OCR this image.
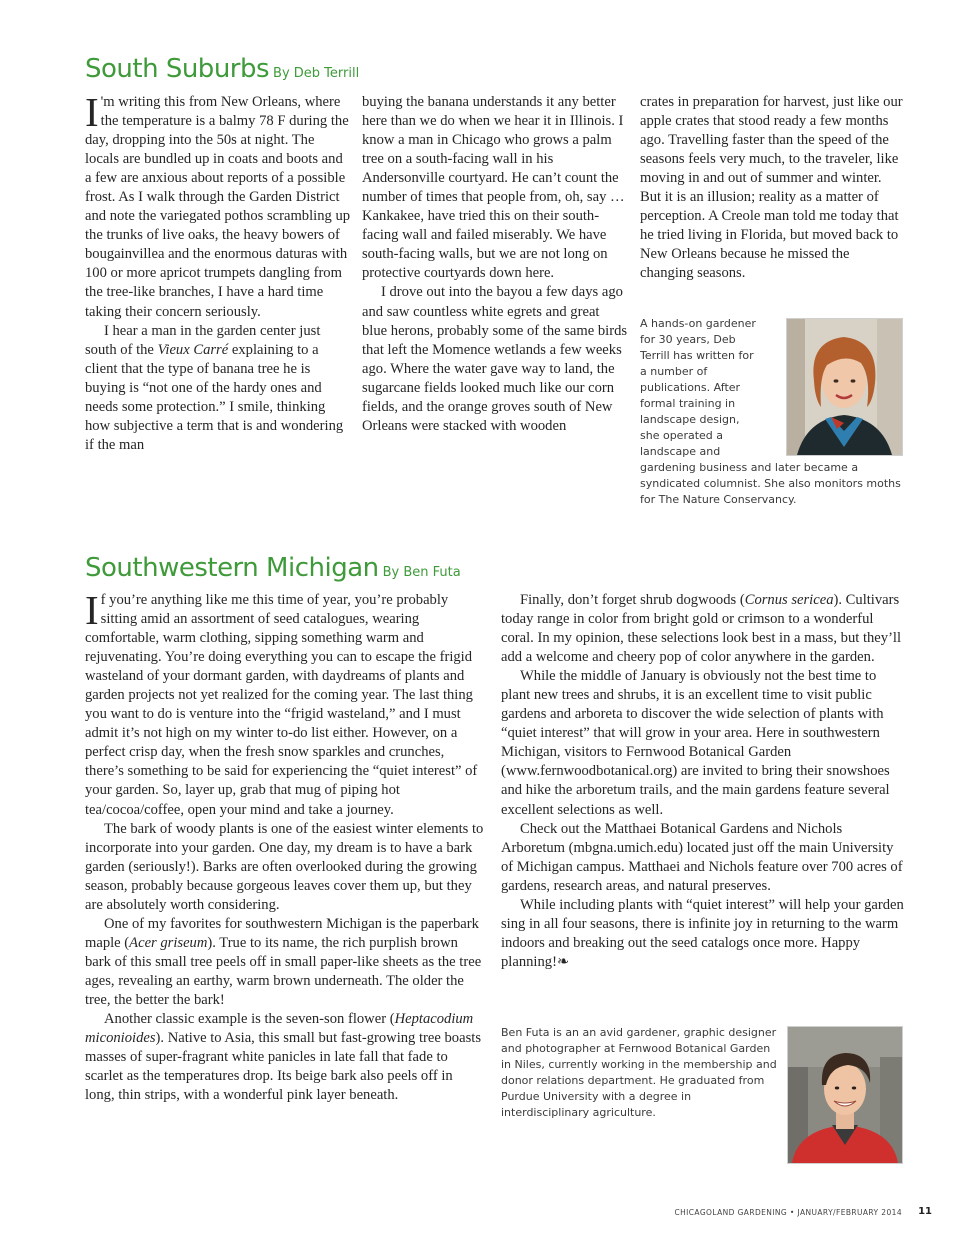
South Suburbs By Deb Terrill

I 'm writing this from New Orleans, where the temperature is a balmy 78 F during the day, dropping into the 50s at night. The locals are bundled up in coats and boots and a few are anxious about reports of a possible frost. As I walk through the Garden District and note the variegated pothos scrambling up the trunks of live oaks, the heavy bowers of bougainvillea and the enormous daturas with 100 or more apricot trumpets dangling from the tree-like branches, I have a hard time taking their concern seriously.

I hear a man in the garden center just south of the Vieux Carré explaining to a client that the type of banana tree he is buying is “not one of the hardy ones and needs some protection.” I smile, thinking how subjective a term that is and wondering if the man

buying the banana understands it any better here than we do when we hear it in Illinois. I know a man in Chicago who grows a palm tree on a south-facing wall in his Andersonville courtyard. He can’t count the number of times that people from, oh, say … Kankakee, have tried this on their south-facing wall and failed miserably. We have south-facing walls, but we are not long on protective courtyards down here.

I drove out into the bayou a few days ago and saw countless white egrets and great blue herons, probably some of the same birds that left the Momence wetlands a few weeks ago. Where the water gave way to land, the sugarcane fields looked much like our corn fields, and the orange groves south of New Orleans were stacked with wooden

crates in preparation for harvest, just like our apple crates that stood ready a few months ago. Travelling faster than the speed of the seasons feels very much, to the traveler, like moving in and out of summer and winter. But it is an illusion; reality as a matter of perception. A Creole man told me today that he tried living in Florida, but moved back to New Orleans because he missed the changing seasons.

A hands-on gardener for 30 years, Deb Terrill has written for a number of publications. After formal training in landscape design, she operated a landscape and gardening business and later became a syndicated columnist. She also monitors moths for The Nature Conservancy.

Southwestern Michigan By Ben Futa

If you’re anything like me this time of year, you’re probably sitting amid an assortment of seed catalogues, wearing comfortable, warm clothing, sipping something warm and rejuvenating. You’re doing everything you can to escape the frigid wasteland of your dormant garden, with daydreams of plants and garden projects not yet realized for the coming year. The last thing you want to do is venture into the “frigid wasteland,” and I must admit it’s not high on my winter to-do list either. However, on a perfect crisp day, when the fresh snow sparkles and crunches, there’s something to be said for experiencing the “quiet interest” of your garden. So, layer up, grab that mug of piping hot tea/cocoa/coffee, open your mind and take a journey.

The bark of woody plants is one of the easiest winter elements to incorporate into your garden. One day, my dream is to have a bark garden (seriously!). Barks are often overlooked during the growing season, probably because gorgeous leaves cover them up, but they are absolutely worth considering.

One of my favorites for southwestern Michigan is the paperbark maple (Acer griseum). True to its name, the rich purplish brown bark of this small tree peels off in small paper-like sheets as the tree ages, revealing an earthy, warm brown underneath. The older the tree, the better the bark!

Another classic example is the seven-son flower (Heptacodium miconioides). Native to Asia, this small but fast-growing tree boasts masses of super-fragrant white panicles in late fall that fade to scarlet as the temperatures drop. Its beige bark also peels off in long, thin strips, with a wonderful pink layer beneath.

Finally, don’t forget shrub dogwoods (Cornus sericea). Cultivars today range in color from bright gold or crimson to a wonderful coral. In my opinion, these selections look best in a mass, but they’ll add a welcome and cheery pop of color anywhere in the garden.

While the middle of January is obviously not the best time to plant new trees and shrubs, it is an excellent time to visit public gardens and arboreta to discover the wide selection of plants with “quiet interest” that will grow in your area. Here in southwestern Michigan, visitors to Fernwood Botanical Garden (www.fernwoodbotanical.org) are invited to bring their snowshoes and hike the arboretum trails, and the main gardens feature several excellent selections as well.

Check out the Matthaei Botanical Gardens and Nichols Arboretum (mbgna.umich.edu) located just off the main University of Michigan campus. Matthaei and Nichols feature over 700 acres of gardens, research areas, and natural preserves.

While including plants with “quiet interest” will help your garden sing in all four seasons, there is infinite joy in returning to the warm indoors and breaking out the seed catalogs once more. Happy planning!❧

Ben Futa is an an avid gardener, graphic designer and photographer at Fernwood Botanical Garden in Niles, currently working in the membership and donor relations department. He graduated from Purdue University with a degree in interdisciplinary agriculture.

CHICAGOLAND GARDENING • JANUARY/FEBRUARY 2014 11
